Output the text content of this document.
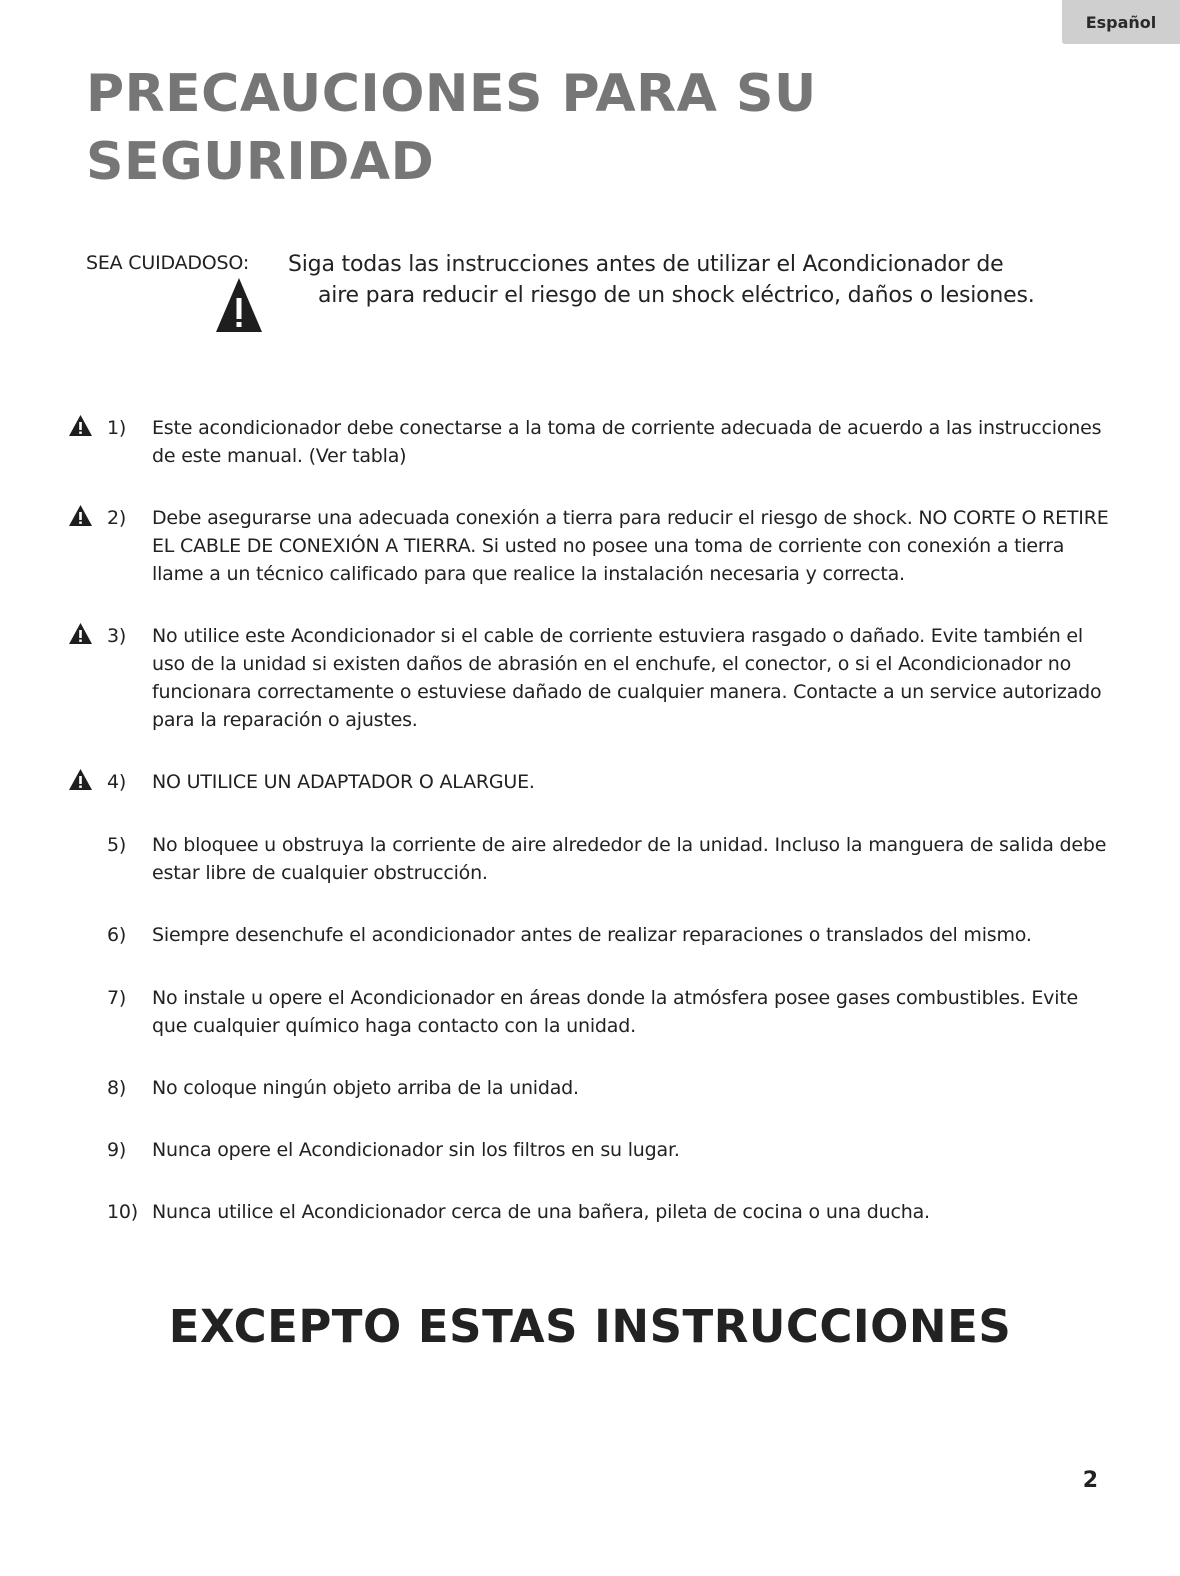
Español
PRECAUCIONES PARA SU SEGURIDAD
SEA CUIDADOSO: Siga todas las instrucciones antes de utilizar el Acondicionador de
aire para reducir el riesgo de un shock eléctrico, daños o lesiones.
1) Este acondicionador debe conectarse a la toma de corriente adecuada de acuerdo a las instrucciones de este manual. (Ver tabla)
2) Debe asegurarse una adecuada conexión a tierra para reducir el riesgo de shock. NO CORTE O RETIRE EL CABLE DE CONEXIÓN A TIERRA. Si usted no posee una toma de corriente con conexión a tierra llame a un técnico calificado para que realice la instalación necesaria y correcta.
3) No utilice este Acondicionador si el cable de corriente estuviera rasgado o dañado. Evite también el uso de la unidad si existen daños de abrasión en el enchufe, el conector, o si el Acondicionador no funcionara correctamente o estuviese dañado de cualquier manera. Contacte a un service autorizado para la reparación o ajustes.
4) NO UTILICE UN ADAPTADOR O ALARGUE.
5) No bloquee u obstruya la corriente de aire alrededor de la unidad. Incluso la manguera de salida debe estar libre de cualquier obstrucción.
6) Siempre desenchufe el acondicionador antes de realizar reparaciones o translados del mismo.
7) No instale u opere el Acondicionador en áreas donde la atmósfera posee gases combustibles. Evite que cualquier químico haga contacto con la unidad.
8) No coloque ningún objeto arriba de la unidad.
9) Nunca opere el Acondicionador sin los filtros en su lugar.
10) Nunca utilice el Acondicionador cerca de una bañera, pileta de cocina o una ducha.
EXCEPTO ESTAS INSTRUCCIONES
2
